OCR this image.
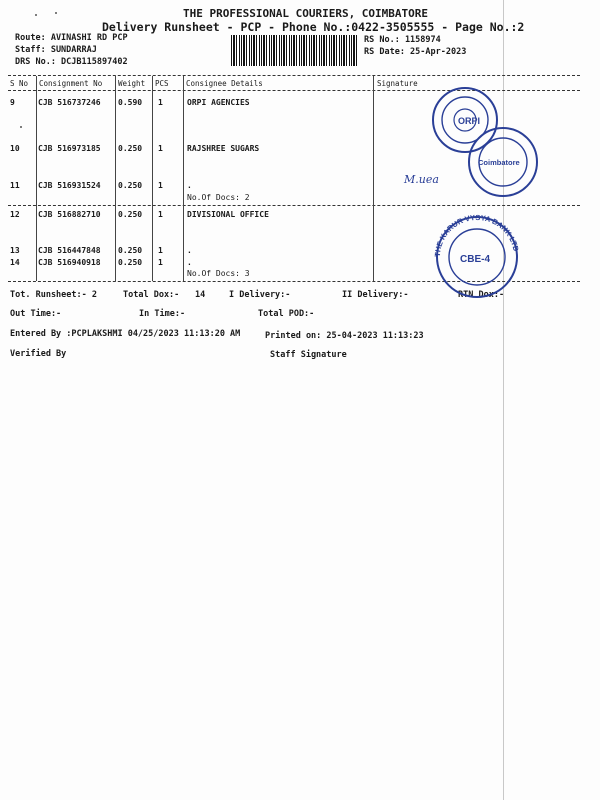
THE PROFESSIONAL COURIERS, COIMBATORE
Delivery Runsheet - PCP - Phone No.:0422-3505555 - Page No.:2
Route: AVINASHI RD PCP
Staff: SUNDARRAJ
DRS No.: DCJB115897402
RS No.: 1158974
RS Date: 25-Apr-2023
S No Consignment No Weight PCS Consignee Details	Signature
9	CJB 516737246 0.590 1	ORPI AGENCIES
10 CJB 516973185 0.250 1	RAJSHREE SUGARS
11 CJB 516931524 0.250 1	.
No.Of Docs: 2
12 CJB 516882710 0.250 1	DIVISIONAL OFFICE
13 CJB 516447848 0.250 1	.
14 CJB 516940918 0.250 1	.
No.Of Docs: 3
Tot. Runsheet:- 2	Total Dox:- 14	I Delivery:-	II Delivery:-	RTN Dox:-
Out Time:-	In Time:-	Total POD:-
Entered By :PCPLAKSHMI 04/25/2023 11:13:20 AM	Printed on: 25-04-2023 11:13:23
Verified By	Staff Signature
ORPI
Coimbatore
THE KARUR VYSYA BANK LTD
CBE-4
M.uea
